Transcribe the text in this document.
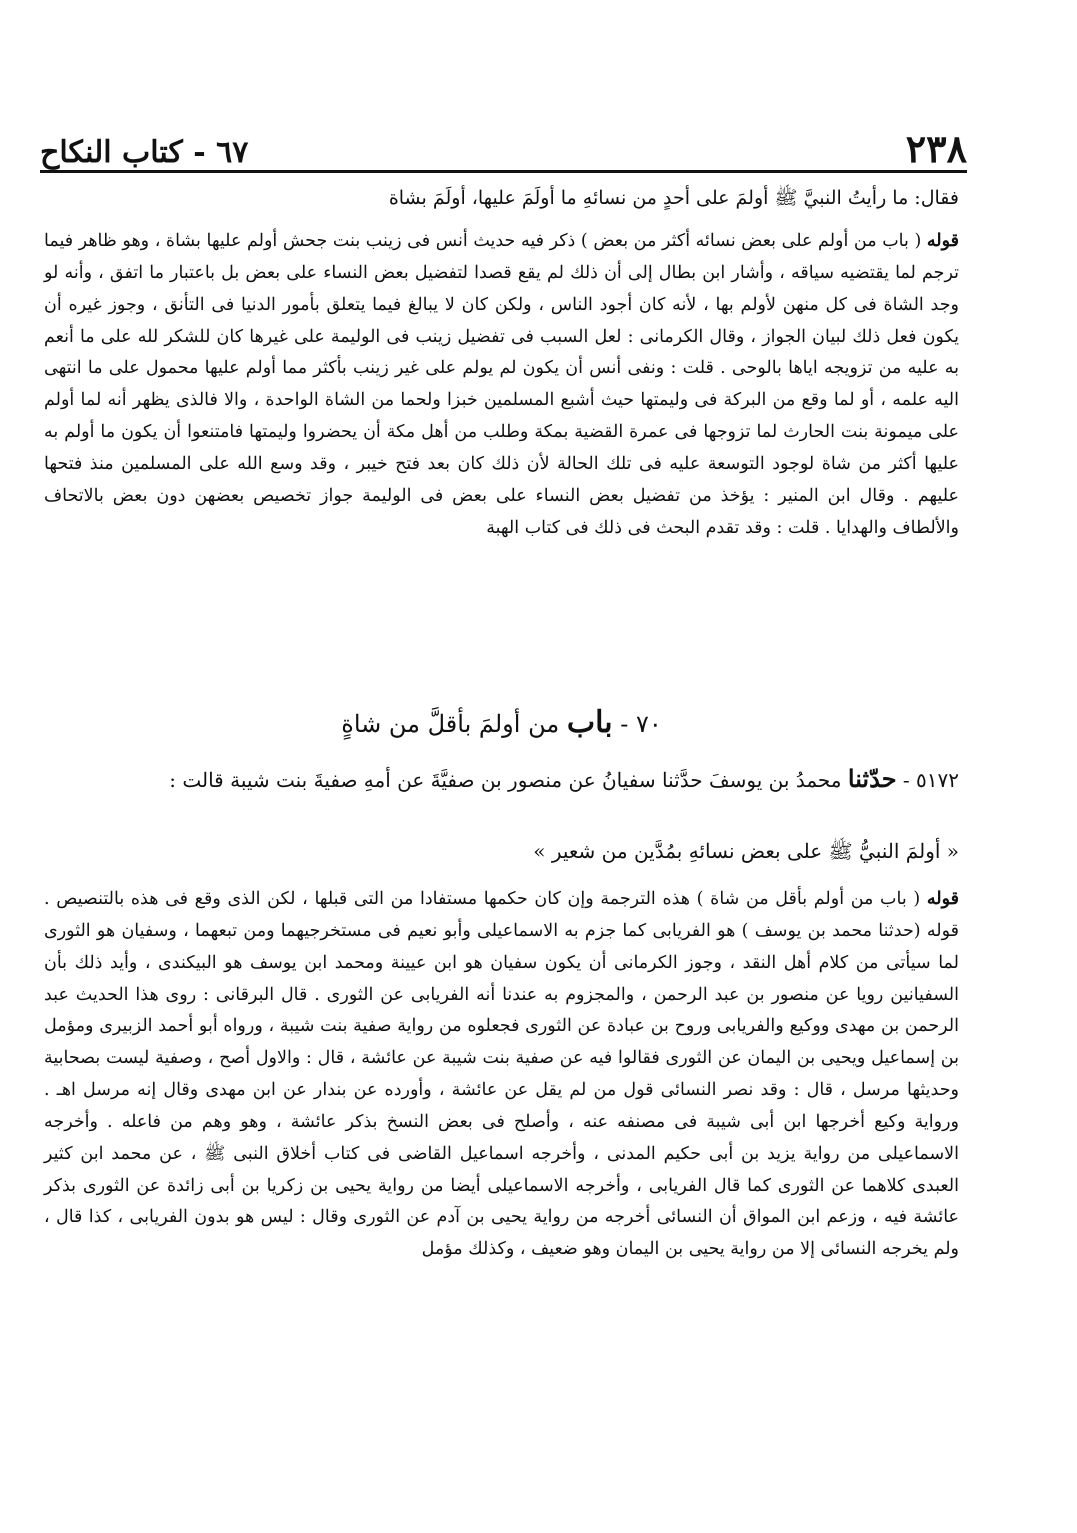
٢٣٨
٦٧ - كتاب النكاح

فقال: ما رأيتُ النبيَّ ﷺ أولمَ على أحدٍ من نسائهِ ما أولَمَ عليها، أولَمَ بشاة

قوله ( باب من أولم على بعض نسائه أكثر من بعض ) ذكر فيه حديث أنس فى زينب بنت جحش أولم عليها بشاة ، وهو ظاهر فيما ترجم لما يقتضيه سياقه ، وأشار ابن بطال إلى أن ذلك لم يقع قصدا لتفضيل بعض النساء على بعض بل باعتبار ما اتفق ، وأنه لو وجد الشاة فى كل منهن لأولم بها ، لأنه كان أجود الناس ، ولكن كان لا يبالغ فيما يتعلق بأمور الدنيا فى التأنق ، وجوز غيره أن يكون فعل ذلك لبيان الجواز ، وقال الكرمانى : لعل السبب فى تفضيل زينب فى الوليمة على غيرها كان للشكر لله على ما أنعم به عليه من تزويجه اياها بالوحى . قلت : ونفى أنس أن يكون لم يولم على غير زينب بأكثر مما أولم عليها محمول على ما انتهى اليه علمه ، أو لما وقع من البركة فى وليمتها حيث أشبع المسلمين خبزا ولحما من الشاة الواحدة ، والا فالذى يظهر أنه لما أولم على ميمونة بنت الحارث لما تزوجها فى عمرة القضية بمكة وطلب من أهل مكة أن يحضروا وليمتها فامتنعوا أن يكون ما أولم به عليها أكثر من شاة لوجود التوسعة عليه فى تلك الحالة لأن ذلك كان بعد فتح خيبر ، وقد وسع الله على المسلمين منذ فتحها عليهم . وقال ابن المنير : يؤخذ من تفضيل بعض النساء على بعض فى الوليمة جواز تخصيص بعضهن دون بعض بالاتحاف والألطاف والهدايا . قلت : وقد تقدم البحث فى ذلك فى كتاب الهبة

٧٠ - باب من أولمَ بأقلَّ من شاةٍ
٥١٧٢ - حدّثنا محمدُ بن يوسفَ حدَّثنا سفيانُ عن منصور بن صفيَّةَ عن أمهِ صفيةَ بنت شيبة قالت :
« أولمَ النبيُّ ﷺ على بعض نسائهِ بمُدَّين من شعير »

قوله ( باب من أولم بأقل من شاة ) هذه الترجمة وإن كان حكمها مستفادا من التى قبلها ، لكن الذى وقع فى هذه بالتنصيص . قوله (حدثنا محمد بن يوسف ) هو الفريابى كما جزم به الاسماعيلى وأبو نعيم فى مستخرجيهما ومن تبعهما ، وسفيان هو الثورى لما سيأتى من كلام أهل النقد ، وجوز الكرمانى أن يكون سفيان هو ابن عيينة ومحمد ابن يوسف هو البيكندى ، وأيد ذلك بأن السفيانين رويا عن منصور بن عبد الرحمن ، والمجزوم به عندنا أنه الفريابى عن الثورى . قال البرقانى : روى هذا الحديث عبد الرحمن بن مهدى ووكيع والفريابى وروح بن عبادة عن الثورى فجعلوه من رواية صفية بنت شيبة ، ورواه أبو أحمد الزبيرى ومؤمل بن إسماعيل ويحيى بن اليمان عن الثورى فقالوا فيه عن صفية بنت شيبة عن عائشة ، قال : والاول أصح ، وصفية ليست بصحابية وحديثها مرسل ، قال : وقد نصر النسائى قول من لم يقل عن عائشة ، وأورده عن بندار عن ابن مهدى وقال إنه مرسل اهـ . ورواية وكيع أخرجها ابن أبى شيبة فى مصنفه عنه ، وأصلح فى بعض النسخ بذكر عائشة ، وهو وهم من فاعله . وأخرجه الاسماعيلى من رواية يزيد بن أبى حكيم المدنى ، وأخرجه اسماعيل القاضى فى كتاب أخلاق النبى ﷺ ، عن محمد ابن كثير العبدى كلاهما عن الثورى كما قال الفريابى ، وأخرجه الاسماعيلى أيضا من رواية يحيى بن زكريا بن أبى زائدة عن الثورى بذكر عائشة فيه ، وزعم ابن المواق أن النسائى أخرجه من رواية يحيى بن آدم عن الثورى وقال : ليس هو بدون الفريابى ، كذا قال ، ولم يخرجه النسائى إلا من رواية يحيى بن اليمان وهو ضعيف ، وكذلك مؤمل
